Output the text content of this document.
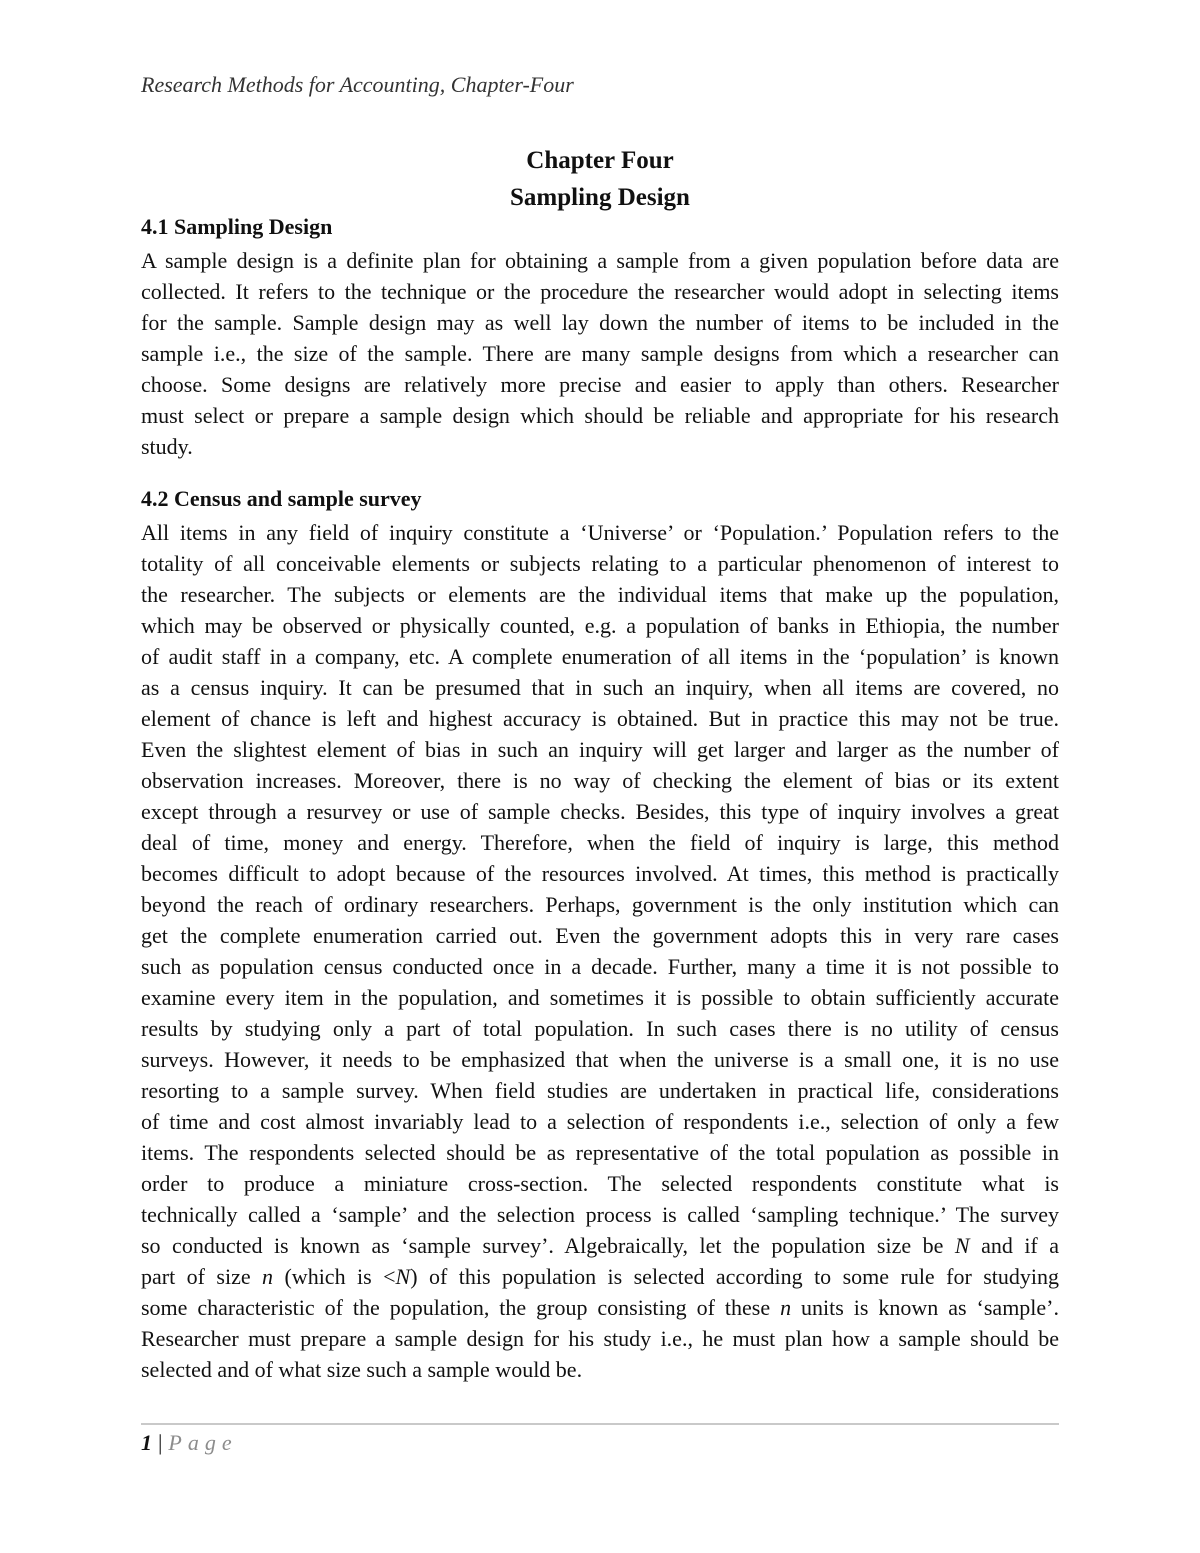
Research Methods for Accounting, Chapter-Four
Chapter Four
Sampling Design
4.1 Sampling Design
A sample design is a definite plan for obtaining a sample from a given population before data are
collected. It refers to the technique or the procedure the researcher would adopt in selecting items
for the sample. Sample design may as well lay down the number of items to be included in the
sample i.e., the size of the sample. There are many sample designs from which a researcher can
choose. Some designs are relatively more precise and easier to apply than others. Researcher
must select or prepare a sample design which should be reliable and appropriate for his research
study.
4.2 Census and sample survey
All items in any field of inquiry constitute a ‘Universe’ or ‘Population.’ Population refers to the
totality of all conceivable elements or subjects relating to a particular phenomenon of interest to
the researcher. The subjects or elements are the individual items that make up the population,
which may be observed or physically counted, e.g. a population of banks in Ethiopia, the number
of audit staff in a company, etc. A complete enumeration of all items in the ‘population’ is known
as a census inquiry. It can be presumed that in such an inquiry, when all items are covered, no
element of chance is left and highest accuracy is obtained. But in practice this may not be true.
Even the slightest element of bias in such an inquiry will get larger and larger as the number of
observation increases. Moreover, there is no way of checking the element of bias or its extent
except through a resurvey or use of sample checks. Besides, this type of inquiry involves a great
deal of time, money and energy. Therefore, when the field of inquiry is large, this method
becomes difficult to adopt because of the resources involved. At times, this method is practically
beyond the reach of ordinary researchers. Perhaps, government is the only institution which can
get the complete enumeration carried out. Even the government adopts this in very rare cases
such as population census conducted once in a decade. Further, many a time it is not possible to
examine every item in the population, and sometimes it is possible to obtain sufficiently accurate
results by studying only a part of total population. In such cases there is no utility of census
surveys. However, it needs to be emphasized that when the universe is a small one, it is no use
resorting to a sample survey. When field studies are undertaken in practical life, considerations
of time and cost almost invariably lead to a selection of respondents i.e., selection of only a few
items. The respondents selected should be as representative of the total population as possible in
order to produce a miniature cross-section. The selected respondents constitute what is
technically called a ‘sample’ and the selection process is called ‘sampling technique.’ The survey
so conducted is known as ‘sample survey’. Algebraically, let the population size be N and if a
part of size n (which is <N) of this population is selected according to some rule for studying
some characteristic of the population, the group consisting of these n units is known as ‘sample’.
Researcher must prepare a sample design for his study i.e., he must plan how a sample should be
selected and of what size such a sample would be.
1 | Page
